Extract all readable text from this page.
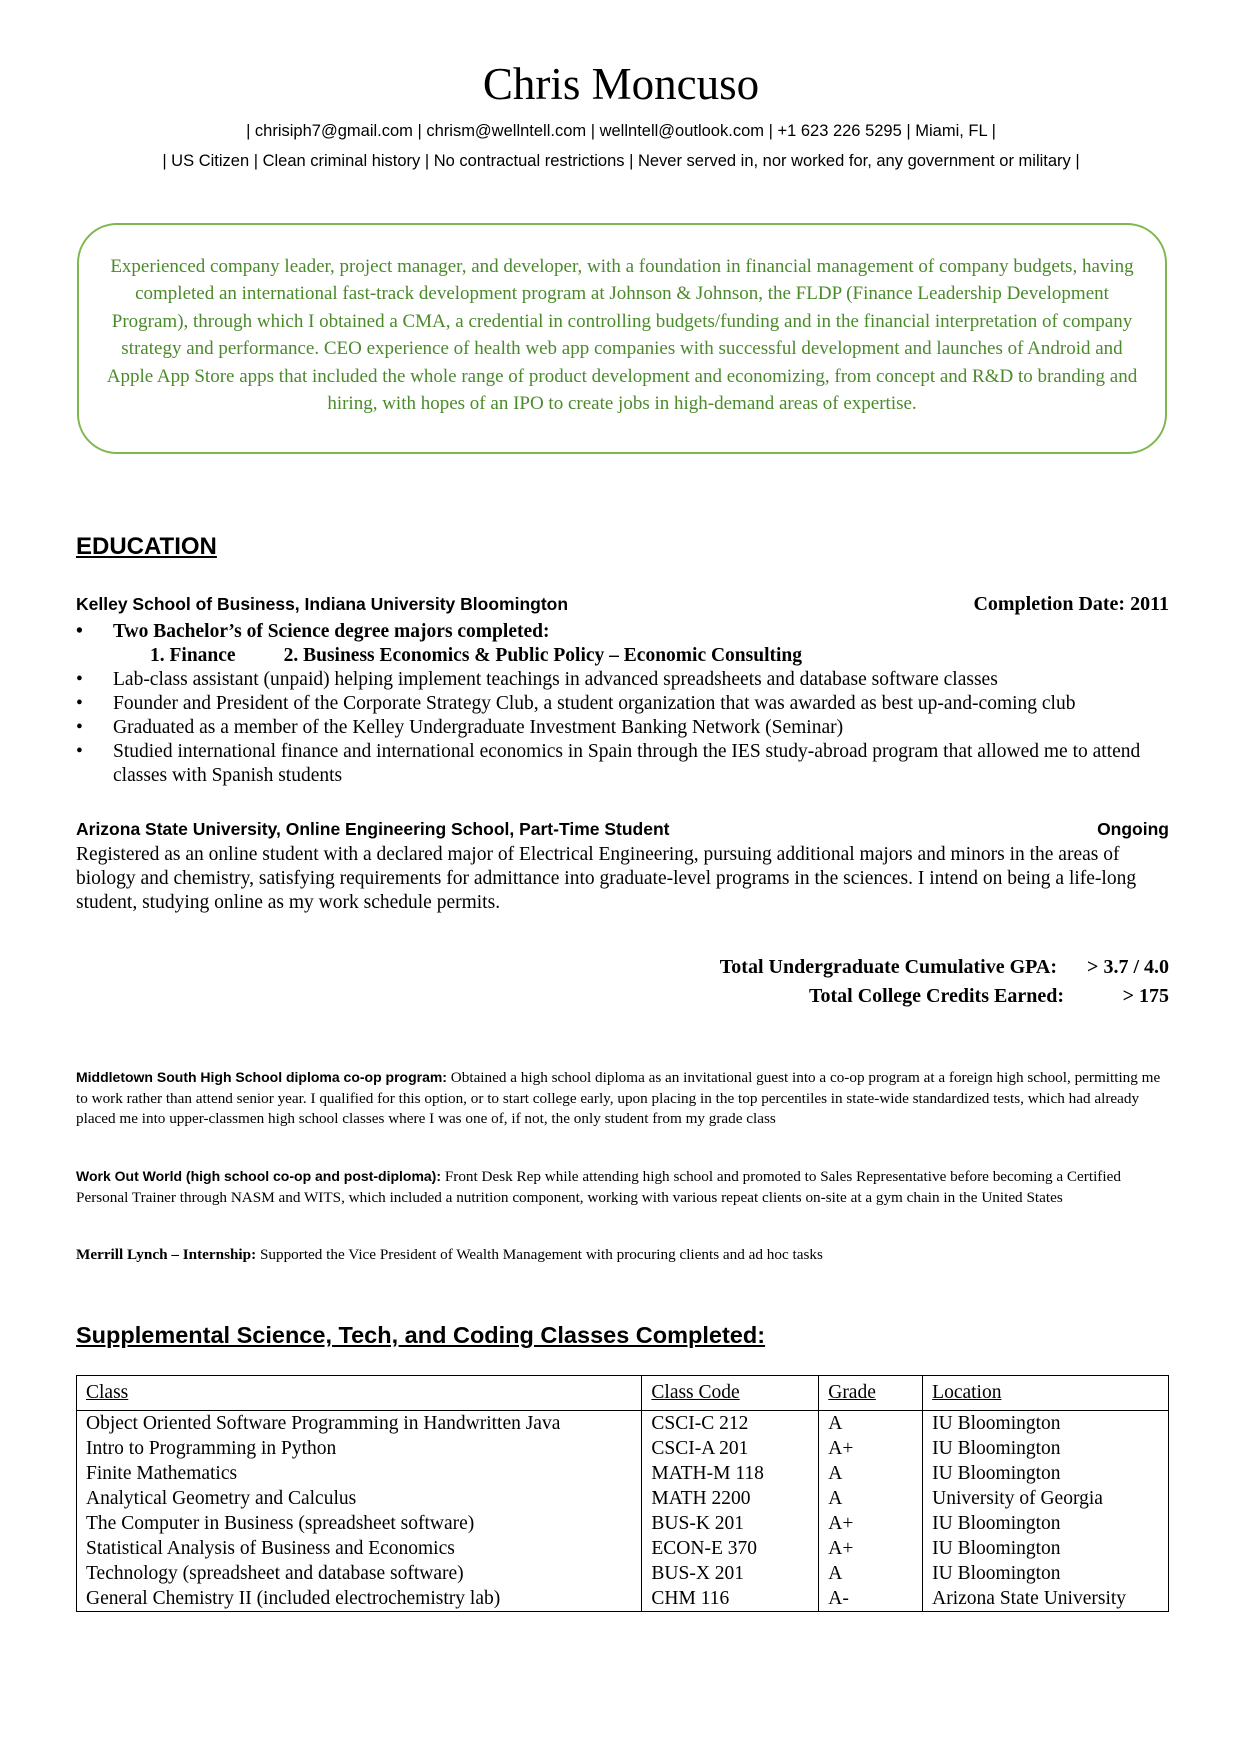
Chris Moncuso
| chrisiph7@gmail.com | chrism@wellntell.com | wellntell@outlook.com | +1 623 226 5295 | Miami, FL |
| US Citizen | Clean criminal history | No contractual restrictions | Never served in, nor worked for, any government or military |
Experienced company leader, project manager, and developer, with a foundation in financial management of company budgets, having completed an international fast-track development program at Johnson & Johnson, the FLDP (Finance Leadership Development Program), through which I obtained a CMA, a credential in controlling budgets/funding and in the financial interpretation of company strategy and performance. CEO experience of health web app companies with successful development and launches of Android and Apple App Store apps that included the whole range of product development and economizing, from concept and R&D to branding and hiring, with hopes of an IPO to create jobs in high-demand areas of expertise.
EDUCATION
Kelley School of Business, Indiana University Bloomington	Completion Date: 2011
•	Two Bachelor’s of Science degree majors completed:
1. Finance 2. Business Economics & Public Policy – Economic Consulting
•	Lab-class assistant (unpaid) helping implement teachings in advanced spreadsheets and database software classes
•	Founder and President of the Corporate Strategy Club, a student organization that was awarded as best up-and-coming club
•	Graduated as a member of the Kelley Undergraduate Investment Banking Network (Seminar)
•	Studied international finance and international economics in Spain through the IES study-abroad program that allowed me to attend classes with Spanish students
Arizona State University, Online Engineering School, Part-Time Student	Ongoing
Registered as an online student with a declared major of Electrical Engineering, pursuing additional majors and minors in the areas of biology and chemistry, satisfying requirements for admittance into graduate-level programs in the sciences. I intend on being a life-long student, studying online as my work schedule permits.
Total Undergraduate Cumulative GPA: > 3.7 / 4.0
Total College Credits Earned:	> 175
Middletown South High School diploma co-op program: Obtained a high school diploma as an invitational guest into a co-op program at a foreign high school, permitting me to work rather than attend senior year. I qualified for this option, or to start college early, upon placing in the top percentiles in state-wide standardized tests, which had already placed me into upper-classmen high school classes where I was one of, if not, the only student from my grade class
Work Out World (high school co-op and post-diploma): Front Desk Rep while attending high school and promoted to Sales Representative before becoming a Certified Personal Trainer through NASM and WITS, which included a nutrition component, working with various repeat clients on-site at a gym chain in the United States
Merrill Lynch – Internship: Supported the Vice President of Wealth Management with procuring clients and ad hoc tasks
Supplemental Science, Tech, and Coding Classes Completed:
Class	Class Code	Grade	Location
Object Oriented Software Programming in Handwritten Java	CSCI-C 212	A	IU Bloomington
Intro to Programming in Python	CSCI-A 201	A+	IU Bloomington
Finite Mathematics	MATH-M 118	A	IU Bloomington
Analytical Geometry and Calculus	MATH 2200	A	University of Georgia
The Computer in Business (spreadsheet software)	BUS-K 201	A+	IU Bloomington
Statistical Analysis of Business and Economics	ECON-E 370	A+	IU Bloomington
Technology (spreadsheet and database software)	BUS-X 201	A	IU Bloomington
General Chemistry II (included electrochemistry lab)	CHM 116	A-	Arizona State University
